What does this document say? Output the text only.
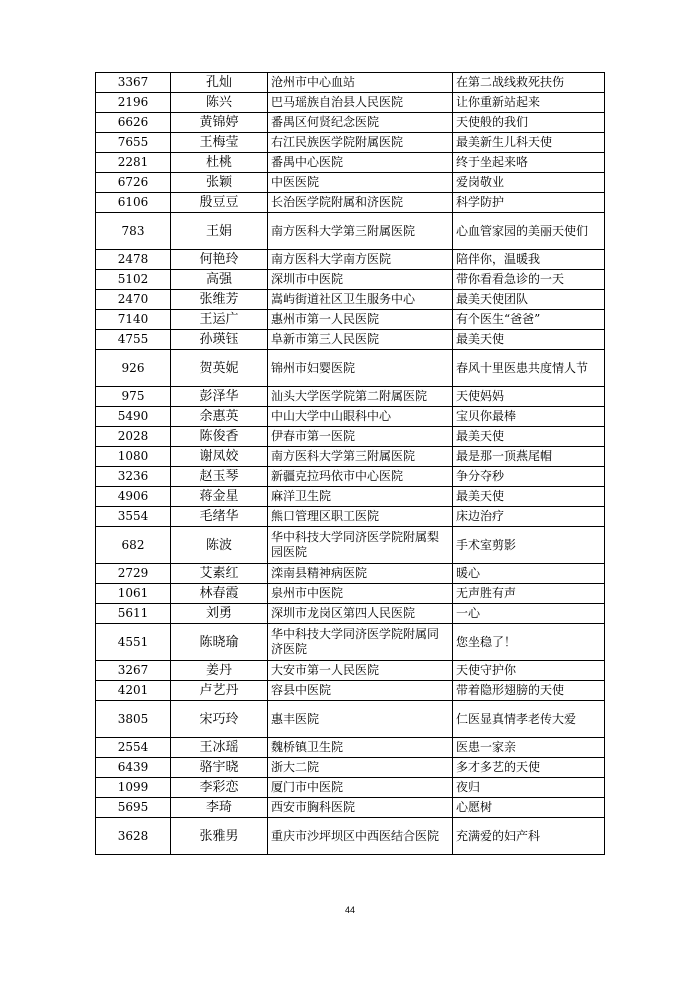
3367	孔灿	沧州市中心血站	在第二战线救死扶伤
2196	陈兴	巴马瑶族自治县人民医院	让你重新站起来
6626	黄锦婷	番禺区何贤纪念医院	天使般的我们
7655	王梅莹	右江民族医学院附属医院	最美新生儿科天使
2281	杜桃	番禺中心医院	终于坐起来咯
6726	张颖	中医医院	爱岗敬业
6106	殷豆豆	长治医学院附属和济医院	科学防护
783	王娟	南方医科大学第三附属医院	心血管家园的美丽天使们
2478	何艳玲	南方医科大学南方医院	陪伴你，温暖我
5102	高强	深圳市中医院	带你看看急诊的一天
2470	张维芳	嵩屿街道社区卫生服务中心	最美天使团队
7140	王运广	惠州市第一人民医院	有个医生“爸爸”
4755	孙瑛钰	阜新市第三人民医院	最美天使
926	贺英妮	锦州市妇婴医院	春风十里医患共度情人节
975	彭泽华	汕头大学医学院第二附属医院	天使妈妈
5490	余惠英	中山大学中山眼科中心	宝贝你最棒
2028	陈俊香	伊春市第一医院	最美天使
1080	谢凤姣	南方医科大学第三附属医院	最是那一顶燕尾帽
3236	赵玉琴	新疆克拉玛依市中心医院	争分夺秒
4906	蒋金星	麻洋卫生院	最美天使
3554	毛绪华	熊口管理区职工医院	床边治疗
682	陈波	华中科技大学同济医学院附属梨园医院	手术室剪影
2729	艾素红	滦南县精神病医院	暖心
1061	林春霞	泉州市中医院	无声胜有声
5611	刘勇	深圳市龙岗区第四人民医院	一心
4551	陈晓瑜	华中科技大学同济医学院附属同济医院	您坐稳了！
3267	姜丹	大安市第一人民医院	天使守护你
4201	卢艺丹	容县中医院	带着隐形翅膀的天使
3805	宋巧玲	惠丰医院	仁医显真情孝老传大爱
2554	王冰瑶	魏桥镇卫生院	医患一家亲
6439	骆宇晓	浙大二院	多才多艺的天使
1099	李彩恋	厦门市中医院	夜归
5695	李琦	西安市胸科医院	心愿树
3628	张雅男	重庆市沙坪坝区中西医结合医院	充满爱的妇产科
44
